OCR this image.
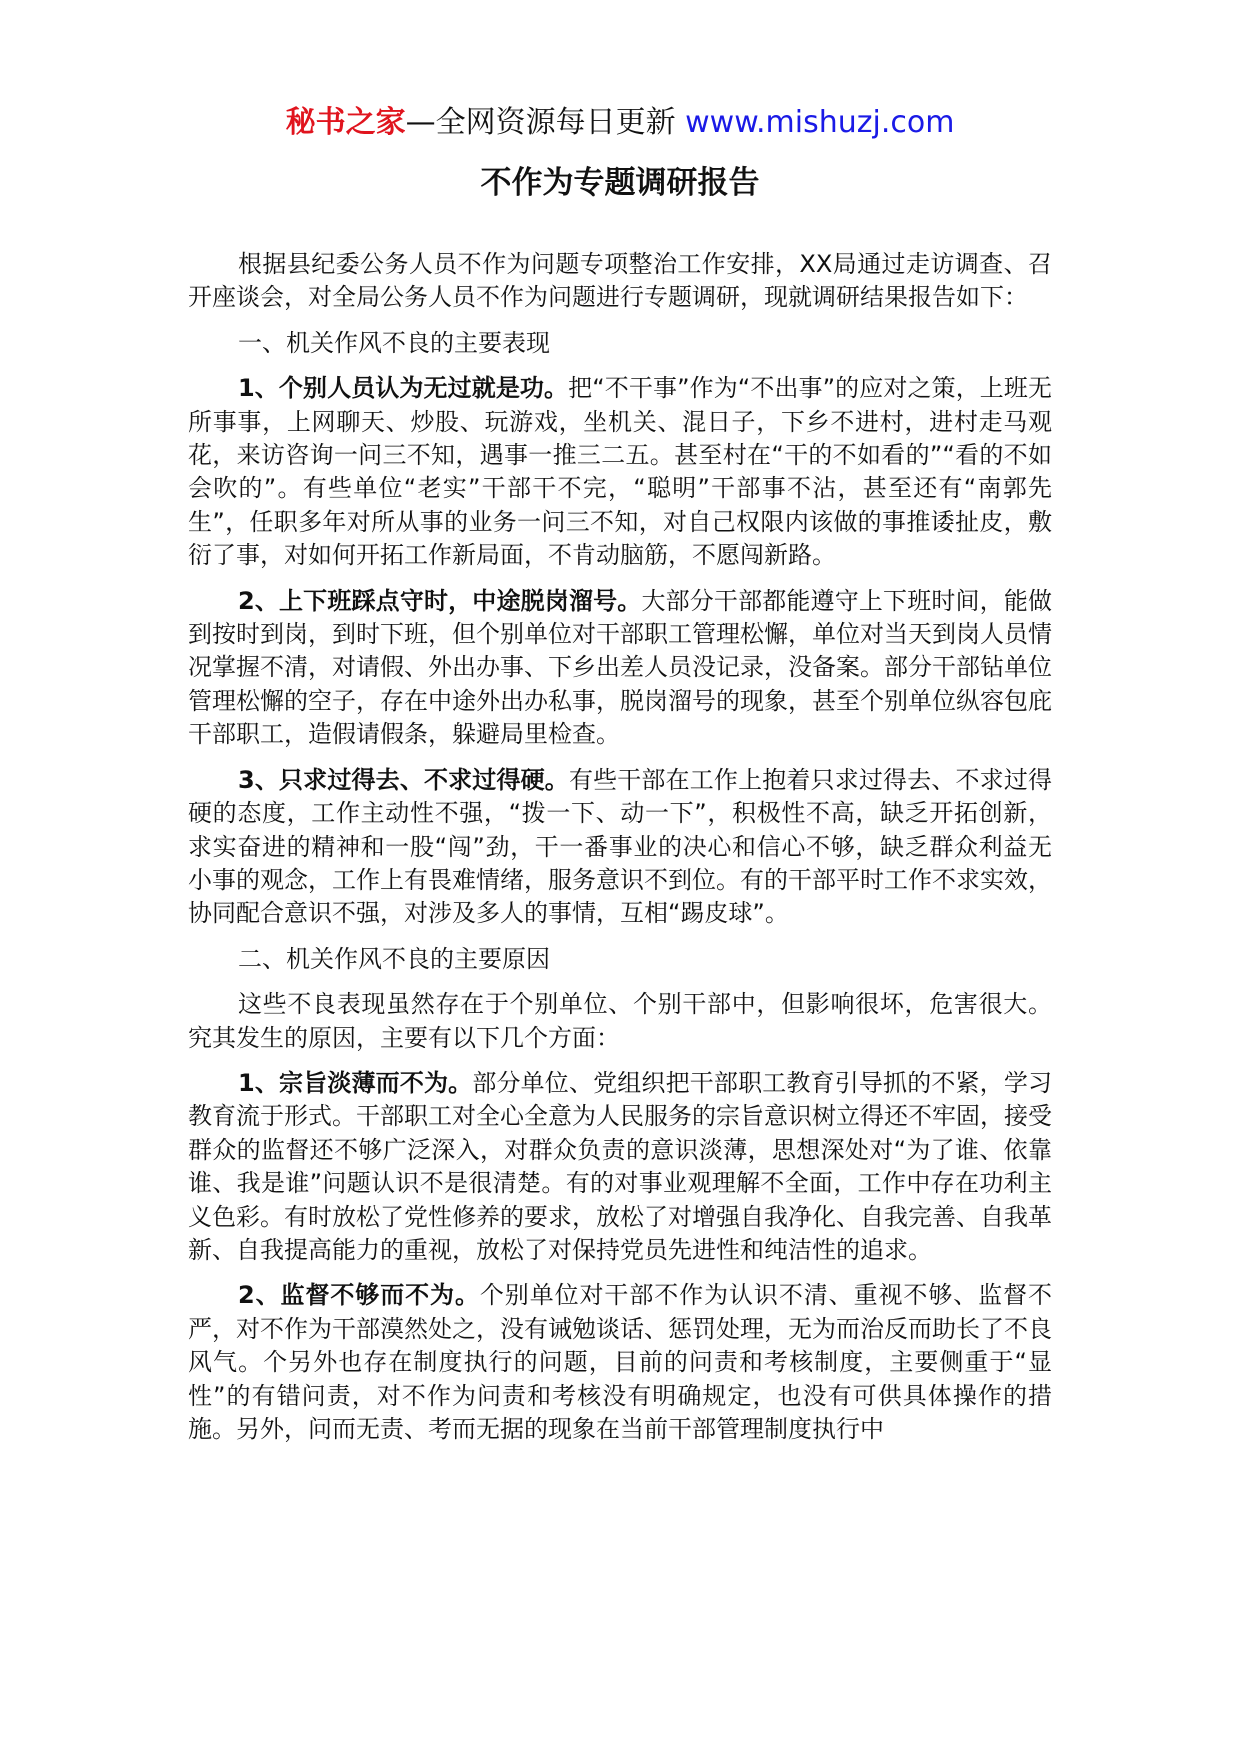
秘书之家—全网资源每日更新 www.mishuzj.com
不作为专题调研报告

根据县纪委公务人员不作为问题专项整治工作安排，XX局通过走访调查、召开座谈会，对全局公务人员不作为问题进行专题调研，现就调研结果报告如下：

一、机关作风不良的主要表现

1、个别人员认为无过就是功。把“不干事”作为“不出事”的应对之策，上班无所事事，上网聊天、炒股、玩游戏，坐机关、混日子，下乡不进村，进村走马观花，来访咨询一问三不知，遇事一推三二五。甚至村在“干的不如看的”“看的不如会吹的”。有些单位“老实”干部干不完，“聪明”干部事不沾，甚至还有“南郭先生”，任职多年对所从事的业务一问三不知，对自己权限内该做的事推诿扯皮，敷衍了事，对如何开拓工作新局面，不肯动脑筋，不愿闯新路。

2、上下班踩点守时，中途脱岗溜号。大部分干部都能遵守上下班时间，能做到按时到岗，到时下班，但个别单位对干部职工管理松懈，单位对当天到岗人员情况掌握不清，对请假、外出办事、下乡出差人员没记录，没备案。部分干部钻单位管理松懈的空子，存在中途外出办私事，脱岗溜号的现象，甚至个别单位纵容包庇干部职工，造假请假条，躲避局里检查。

3、只求过得去、不求过得硬。有些干部在工作上抱着只求过得去、不求过得硬的态度，工作主动性不强，“拨一下、动一下”，积极性不高，缺乏开拓创新，求实奋进的精神和一股“闯”劲，干一番事业的决心和信心不够，缺乏群众利益无小事的观念，工作上有畏难情绪，服务意识不到位。有的干部平时工作不求实效，协同配合意识不强，对涉及多人的事情，互相“踢皮球”。

二、机关作风不良的主要原因

这些不良表现虽然存在于个别单位、个别干部中，但影响很坏，危害很大。究其发生的原因，主要有以下几个方面：

1、宗旨淡薄而不为。部分单位、党组织把干部职工教育引导抓的不紧，学习教育流于形式。干部职工对全心全意为人民服务的宗旨意识树立得还不牢固，接受群众的监督还不够广泛深入，对群众负责的意识淡薄，思想深处对“为了谁、依靠谁、我是谁”问题认识不是很清楚。有的对事业观理解不全面，工作中存在功利主义色彩。有时放松了党性修养的要求，放松了对增强自我净化、自我完善、自我革新、自我提高能力的重视，放松了对保持党员先进性和纯洁性的追求。

2、监督不够而不为。个别单位对干部不作为认识不清、重视不够、监督不严，对不作为干部漠然处之，没有诫勉谈话、惩罚处理，无为而治反而助长了不良风气。个另外也存在制度执行的问题，目前的问责和考核制度，主要侧重于“显性”的有错问责，对不作为问责和考核没有明确规定，也没有可供具体操作的措施。另外，问而无责、考而无据的现象在当前干部管理制度执行中
